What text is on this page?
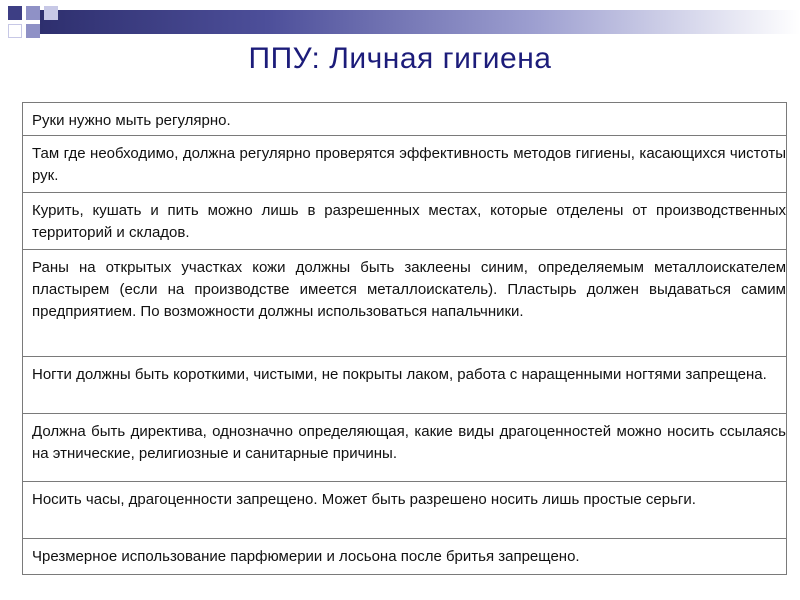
ППУ: Личная гигиена
Руки нужно мыть регулярно.
Там где необходимо, должна регулярно проверятся эффективность методов гигиены, касающихся чистоты рук.
Курить, кушать и пить можно лишь в разрешенных местах, которые отделены от производственных территорий и складов.
Раны на открытых участках кожи должны быть заклеены синим, определяемым металлоискателем пластырем (если на производстве имеется металлоискатель). Пластырь должен выдаваться самим предприятием. По возможности должны использоваться напальчники.
Ногти должны быть короткими, чистыми, не покрыты лаком, работа с наращенными ногтями запрещена.
Должна быть директива, однозначно определяющая, какие виды драгоценностей можно носить ссылаясь на этнические, религиозные и санитарные причины.
Носить часы, драгоценности запрещено. Может быть разрешено носить лишь простые серьги.
Чрезмерное использование парфюмерии и лосьона после бритья запрещено.
